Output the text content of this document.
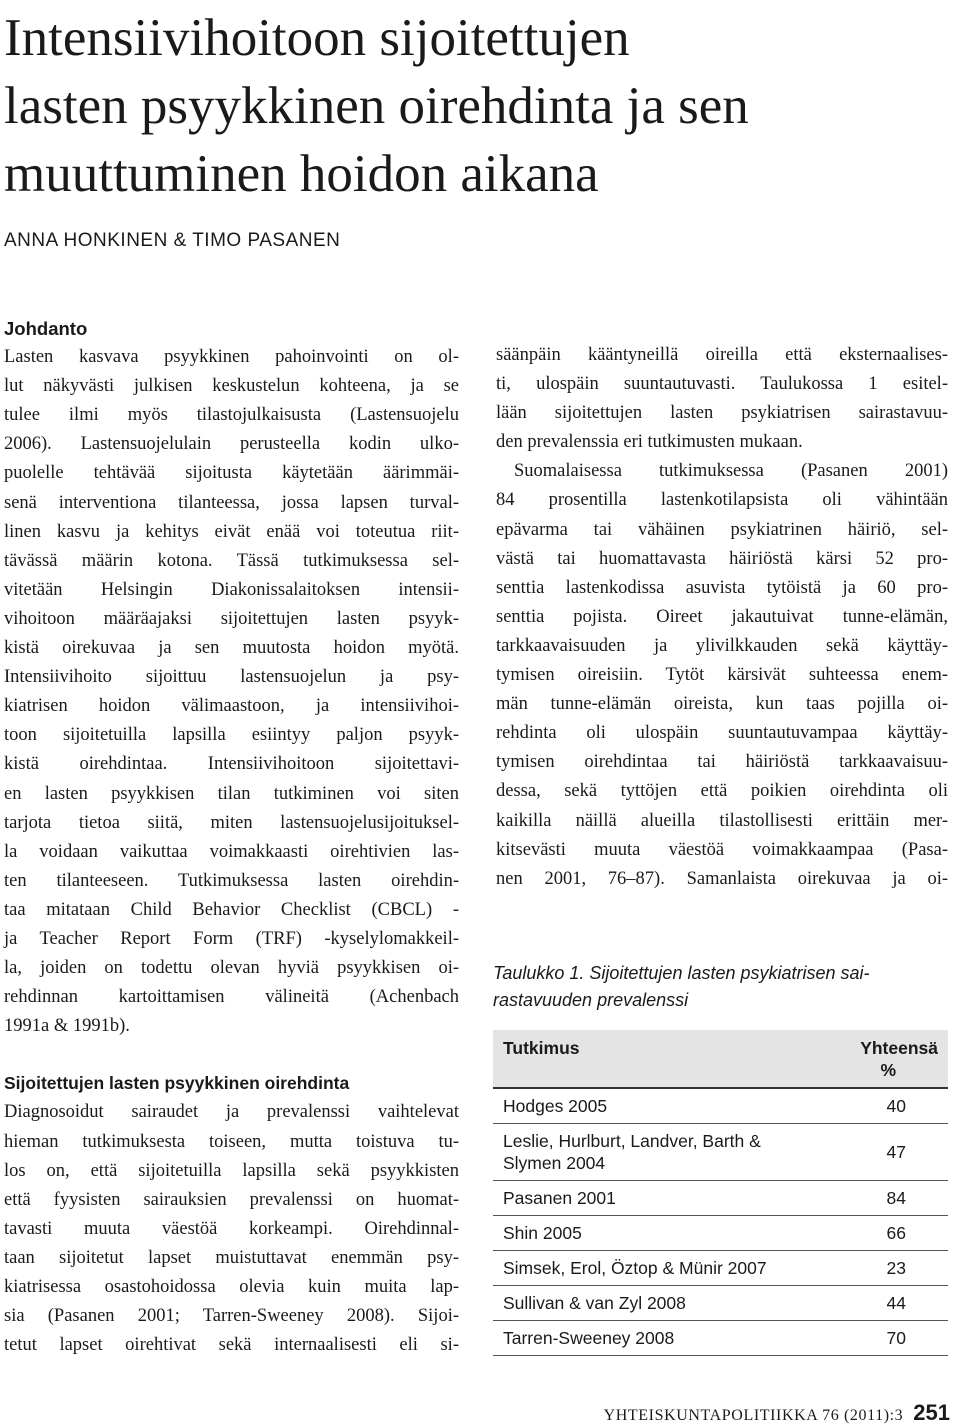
Intensiivihoitoon sijoitettujen
lasten psyykkinen oirehdinta ja sen
muuttuminen hoidon aikana
ANNA HONKINEN & TIMO PASANEN
Johdanto
Lasten kasvava psyykkinen pahoinvointi on ol-
lut näkyvästi julkisen keskustelun kohteena, ja se
tulee ilmi myös tilastojulkaisusta (Lastensuojelu
2006). Lastensuojelulain perusteella kodin ulko-
puolelle tehtävää sijoitusta käytetään äärimmäi-
senä interventiona tilanteessa, jossa lapsen turval-
linen kasvu ja kehitys eivät enää voi toteutua riit-
tävässä määrin kotona. Tässä tutkimuksessa sel-
vitetään Helsingin Diakonissalaitoksen intensii-
vihoitoon määräajaksi sijoitettujen lasten psyyk-
kistä oirekuvaa ja sen muutosta hoidon myötä.
Intensiivihoito sijoittuu lastensuojelun ja psy-
kiatrisen hoidon välimaastoon, ja intensiivihoi-
toon sijoitetuilla lapsilla esiintyy paljon psyyk-
kistä oirehdintaa. Intensiivihoitoon sijoitettavi-
en lasten psyykkisen tilan tutkiminen voi siten
tarjota tietoa siitä, miten lastensuojelusijoituksel-
la voidaan vaikuttaa voimakkaasti oirehtivien las-
ten tilanteeseen. Tutkimuksessa lasten oirehdin-
taa mitataan Child Behavior Checklist (CBCL) -
ja Teacher Report Form (TRF) -kyselylomakkeil-
la, joiden on todettu olevan hyviä psyykkisen oi-
rehdinnan kartoittamisen välineitä (Achenbach
1991a & 1991b).
Sijoitettujen lasten psyykkinen oirehdinta
Diagnosoidut sairaudet ja prevalenssi vaihtelevat
hieman tutkimuksesta toiseen, mutta toistuva tu-
los on, että sijoitetuilla lapsilla sekä psyykkisten
että fyysisten sairauksien prevalenssi on huomat-
tavasti muuta väestöä korkeampi. Oirehdinnal-
taan sijoitetut lapset muistuttavat enemmän psy-
kiatrisessa osastohoidossa olevia kuin muita lap-
sia (Pasanen 2001; Tarren-Sweeney 2008). Sijoi-
tetut lapset oirehtivat sekä internaalisesti eli si-
säänpäin kääntyneillä oireilla että eksternaalises-
ti, ulospäin suuntautuvasti. Taulukossa 1 esitel-
lään sijoitettujen lasten psykiatrisen sairastavuu-
den prevalenssia eri tutkimusten mukaan.
Suomalaisessa tutkimuksessa (Pasanen 2001)
84 prosentilla lastenkotilapsista oli vähintään
epävarma tai vähäinen psykiatrinen häiriö, sel-
västä tai huomattavasta häiriöstä kärsi 52 pro-
senttia lastenkodissa asuvista tytöistä ja 60 pro-
senttia pojista. Oireet jakautuivat tunne-elämän,
tarkkaavaisuuden ja ylivilkkauden sekä käyttäy-
tymisen oireisiin. Tytöt kärsivät suhteessa enem-
män tunne-elämän oireista, kun taas pojilla oi-
rehdinta oli ulospäin suuntautuvampaa käyttäy-
tymisen oirehdintaa tai häiriöstä tarkkaavaisuu-
dessa, sekä tyttöjen että poikien oirehdinta oli
kaikilla näillä alueilla tilastollisesti erittäin mer-
kitsevästi muuta väestöä voimakkaampaa (Pasa-
nen 2001, 76–87). Samanlaista oirekuvaa ja oi-
Taulukko 1. Sijoitettujen lasten psykiatrisen sai-
rastavuuden prevalenssi
Tutkimus	Yhteensä
%
Hodges 2005	40
Leslie, Hurlburt, Landver, Barth &
Slymen 2004	47
Pasanen 2001	84
Shin 2005	66
Simsek, Erol, Öztop & Münir 2007	23
Sullivan & van Zyl 2008	44
Tarren-Sweeney 2008	70
YHTEISKUNTAPOLITIIKKA 76 (2011):3 251
